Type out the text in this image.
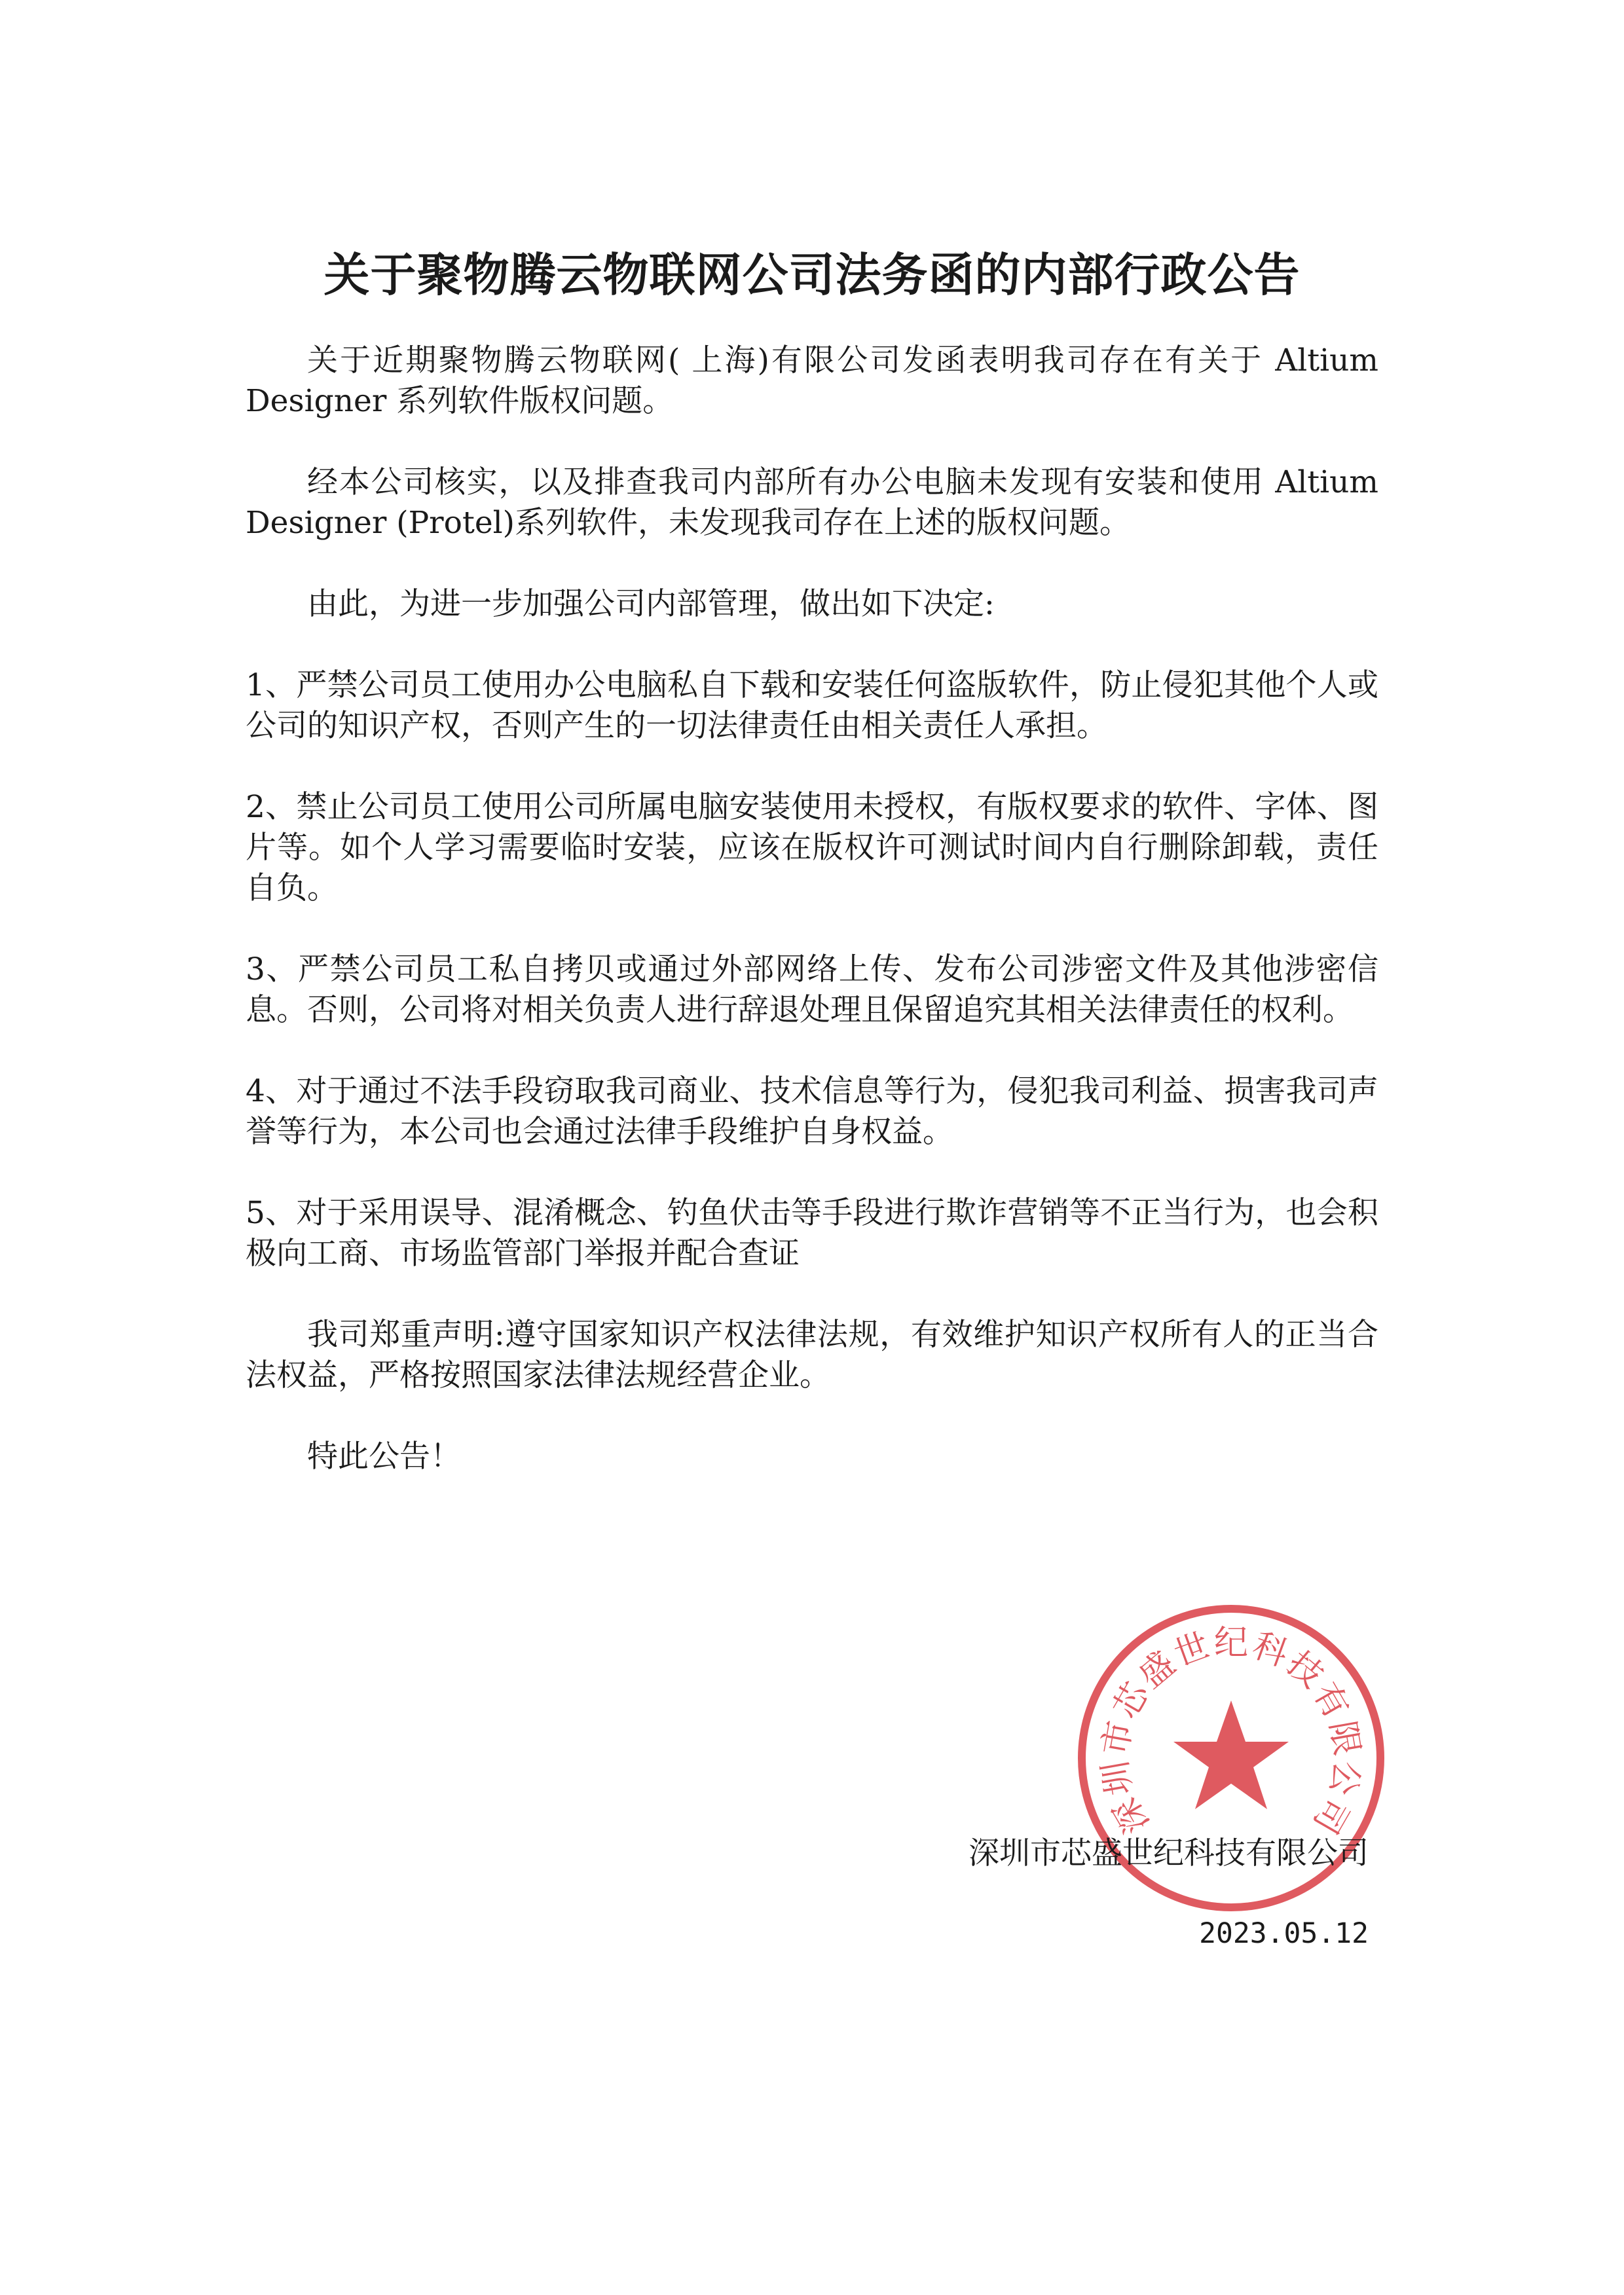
关于聚物腾云物联网公司法务函的内部行政公告

关于近期聚物腾云物联网( 上海)有限公司发函表明我司存在有关于 Altium Designer 系列软件版权问题。

经本公司核实，以及排查我司内部所有办公电脑未发现有安装和使用 Altium Designer (Protel)系列软件，未发现我司存在上述的版权问题。

由此，为进一步加强公司内部管理，做出如下决定:

1、严禁公司员工使用办公电脑私自下载和安装任何盗版软件，防止侵犯其他个人或公司的知识产权，否则产生的一切法律责任由相关责任人承担。

2、禁止公司员工使用公司所属电脑安装使用未授权，有版权要求的软件、字体、图片等。如个人学习需要临时安装，应该在版权许可测试时间内自行删除卸载，责任自负。

3、严禁公司员工私自拷贝或通过外部网络上传、发布公司涉密文件及其他涉密信息。否则，公司将对相关负责人进行辞退处理且保留追究其相关法律责任的权利。

4、对于通过不法手段窃取我司商业、技术信息等行为，侵犯我司利益、损害我司声誉等行为，本公司也会通过法律手段维护自身权益。

5、对于采用误导、混淆概念、钓鱼伏击等手段进行欺诈营销等不正当行为，也会积极向工商、市场监管部门举报并配合查证

我司郑重声明:遵守国家知识产权法律法规，有效维护知识产权所有人的正当合法权益，严格按照国家法律法规经营企业。

特此公告！

深
圳
市
芯
盛
世 纪 科
技
有
限
公
司
深圳市芯盛世纪科技有限公司
2023.05.12
